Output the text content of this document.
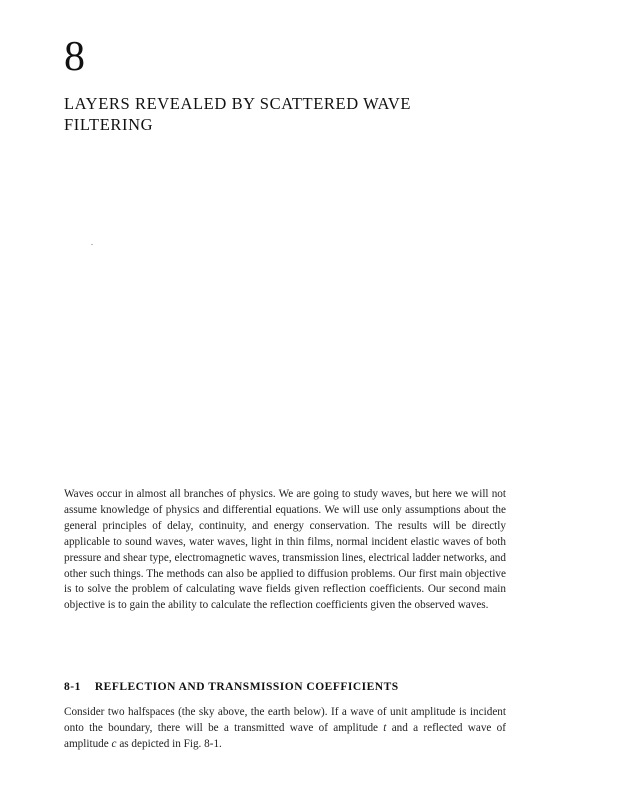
8
LAYERS REVEALED BY SCATTERED WAVE
FILTERING

Waves occur in almost all branches of physics. We are going to study waves, but here we will not assume knowledge of physics and differential equations. We will use only assumptions about the general principles of delay, continuity, and energy conservation. The results will be directly applicable to sound waves, water waves, light in thin films, normal incident elastic waves of both pressure and shear type, electromagnetic waves, transmission lines, electrical ladder networks, and other such things. The methods can also be applied to diffusion problems. Our first main objective is to solve the problem of calculating wave fields given reflection coefficients. Our second main objective is to gain the ability to calculate the reflection coefficients given the observed waves.

8-1 REFLECTION AND TRANSMISSION COEFFICIENTS

Consider two halfspaces (the sky above, the earth below). If a wave of unit amplitude is incident onto the boundary, there will be a transmitted wave of amplitude t and a reflected wave of amplitude c as depicted in Fig. 8-1.
